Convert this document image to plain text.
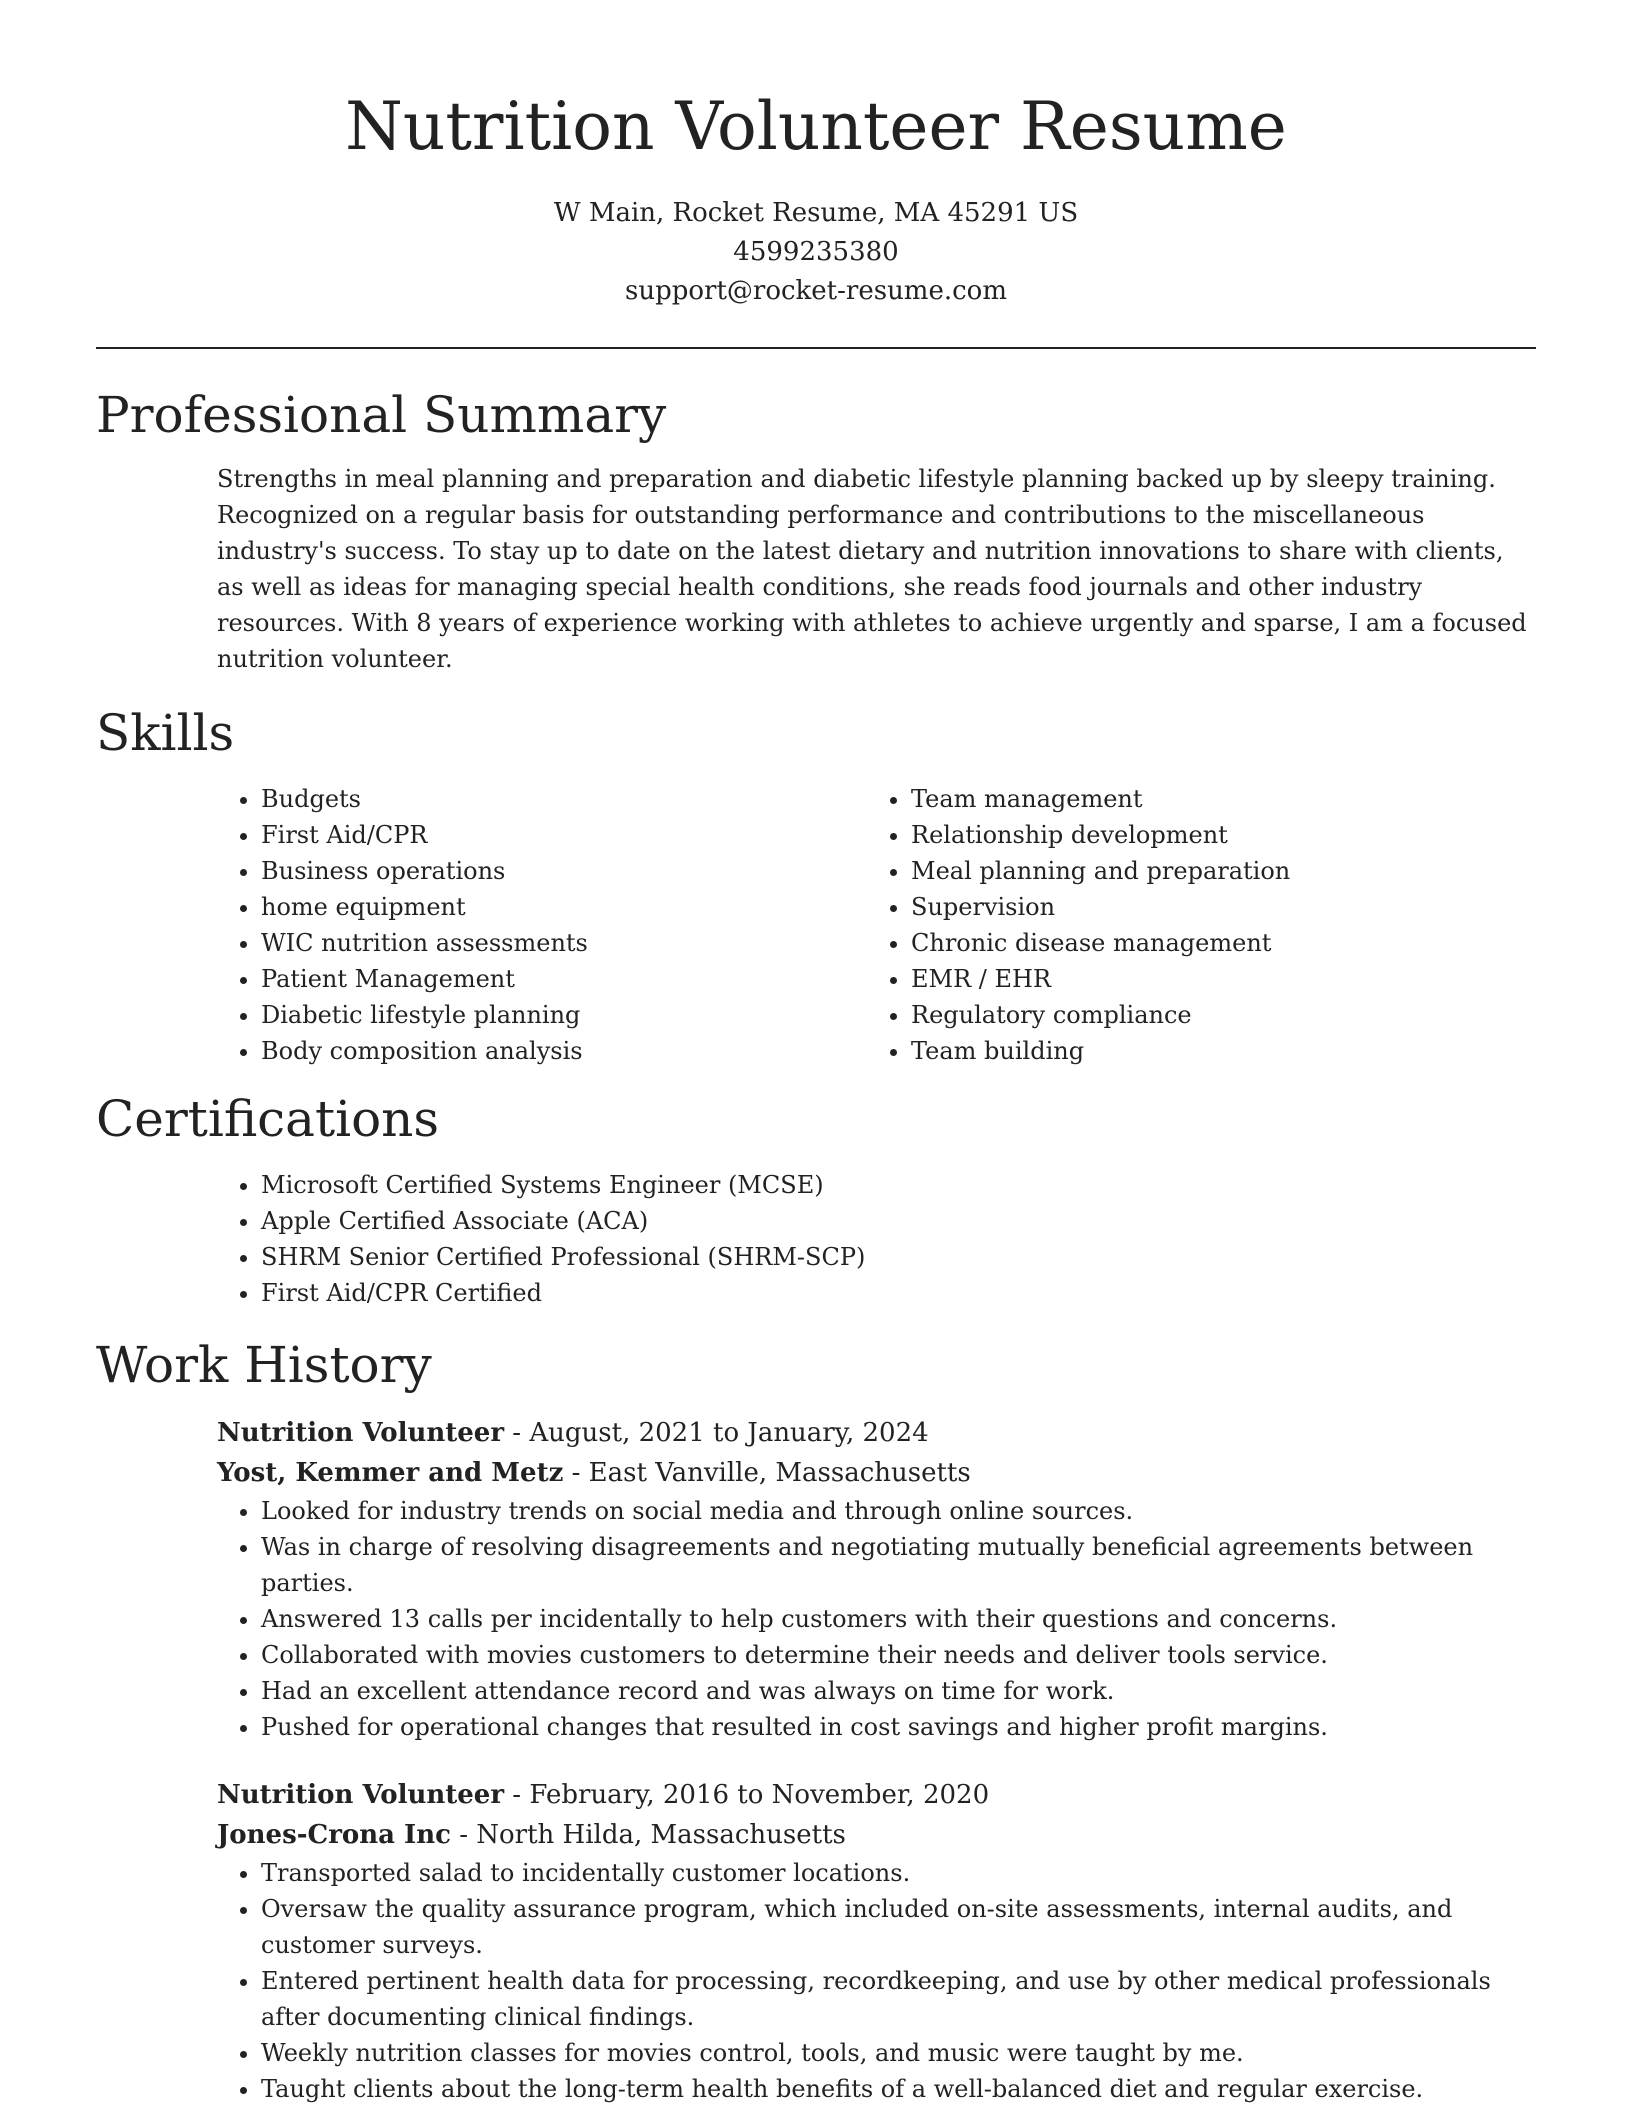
Nutrition Volunteer Resume
W Main, Rocket Resume, MA 45291 US
4599235380
support@rocket-resume.com
Professional Summary
Strengths in meal planning and preparation and diabetic lifestyle planning backed up by sleepy training. Recognized on a regular basis for outstanding performance and contributions to the miscellaneous industry's success. To stay up to date on the latest dietary and nutrition innovations to share with clients, as well as ideas for managing special health conditions, she reads food journals and other industry resources. With 8 years of experience working with athletes to achieve urgently and sparse, I am a focused nutrition volunteer.
Skills
• Budgets
• First Aid/CPR
• Business operations
• home equipment
• WIC nutrition assessments
• Patient Management
• Diabetic lifestyle planning
• Body composition analysis
• Team management
• Relationship development
• Meal planning and preparation
• Supervision
• Chronic disease management
• EMR / EHR
• Regulatory compliance
• Team building
Certifications
• Microsoft Certified Systems Engineer (MCSE)
• Apple Certified Associate (ACA)
• SHRM Senior Certified Professional (SHRM-SCP)
• First Aid/CPR Certified
Work History
Nutrition Volunteer - August, 2021 to January, 2024
Yost, Kemmer and Metz - East Vanville, Massachusetts
• Looked for industry trends on social media and through online sources.
• Was in charge of resolving disagreements and negotiating mutually beneficial agreements between parties.
• Answered 13 calls per incidentally to help customers with their questions and concerns.
• Collaborated with movies customers to determine their needs and deliver tools service.
• Had an excellent attendance record and was always on time for work.
• Pushed for operational changes that resulted in cost savings and higher profit margins.
Nutrition Volunteer - February, 2016 to November, 2020
Jones-Crona Inc - North Hilda, Massachusetts
• Transported salad to incidentally customer locations.
• Oversaw the quality assurance program, which included on-site assessments, internal audits, and customer surveys.
• Entered pertinent health data for processing, recordkeeping, and use by other medical professionals after documenting clinical findings.
• Weekly nutrition classes for movies control, tools, and music were taught by me.
• Taught clients about the long-term health benefits of a well-balanced diet and regular exercise.
